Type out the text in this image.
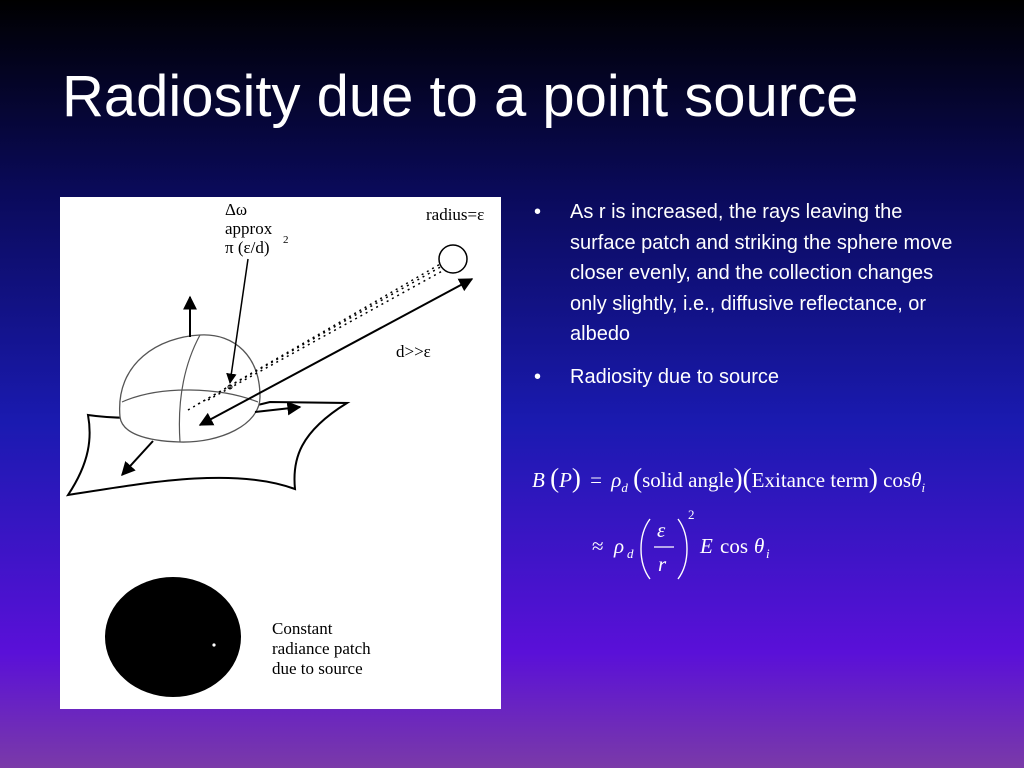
Radiosity due to a point source
Δω
approx
π (ε/d) 2
radius=ε
d>>ε
Constant
radiance patch
due to source
• As r is increased, the rays leaving the surface patch and striking the sphere move closer evenly, and the collection changes only slightly, i.e., diffusive reflectance, or albedo
• Radiosity due to source
B $(P) = \rho_d$ (solid angle)(Exitance term) cosθ$_i$
≈ ρ d
ε
r
2
E cos θ i
